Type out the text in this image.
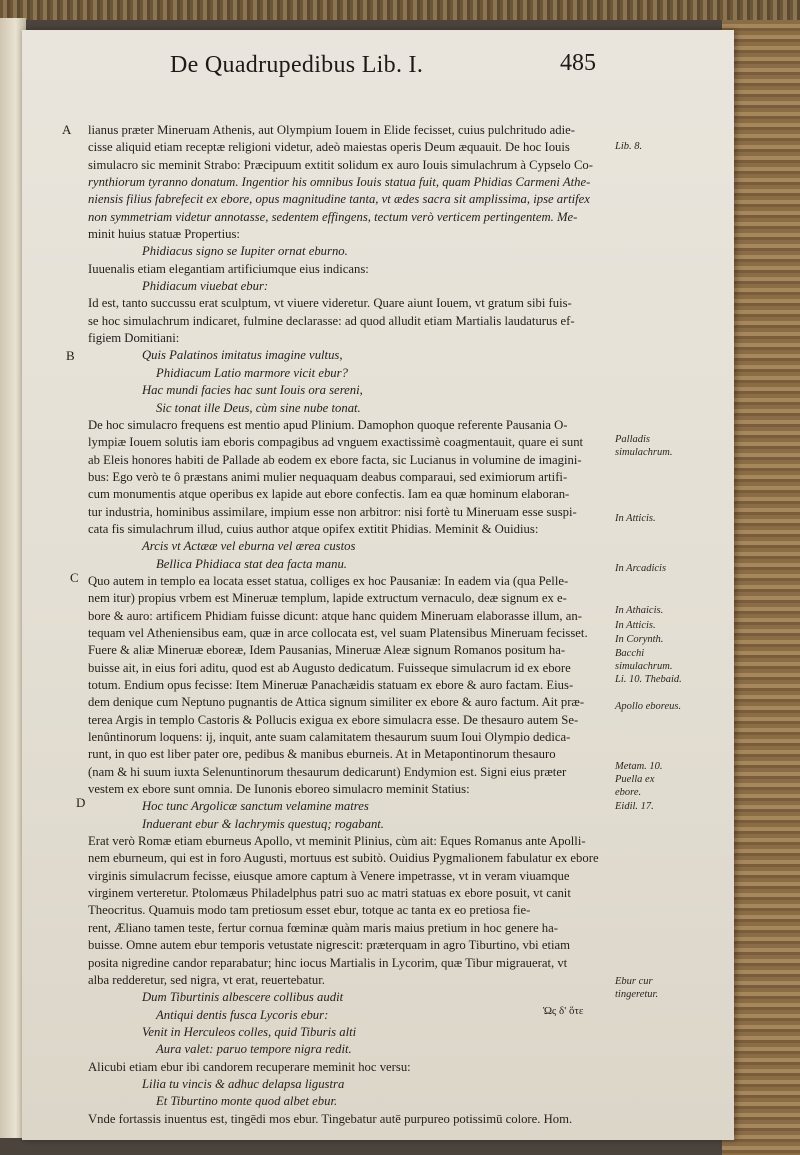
De Quadrupedibus Lib. I.	485
lianus præter Mineruam Athenis, aut Olympium Iouem in Elide fecisset, cuius pulchritudo adie-
cisse aliquid etiam receptæ religioni videtur, adeò maiestas operis Deum æquauit. De hoc Iouis
simulacro sic meminit Strabo: Præcipuum extitit solidum ex auro Iouis simulachrum à Cypselo Co-
rynthiorum tyranno donatum. Ingentior his omnibus Iouis statua fuit, quam Phidias Carmeni Athe-
niensis filius fabrefecit ex ebore, opus magnitudine tanta, vt ædes sacra sit amplissima, ipse artifex
non symmetriam videtur annotasse, sedentem effingens, tectum verò verticem pertingentem. Me-
minit huius statuæ Propertius:
Phidiacus signo se Iupiter ornat eburno.
Iuuenalis etiam elegantiam artificiumque eius indicans:
Phidiacum viuebat ebur:
Id est, tanto succussu erat sculptum, vt viuere videretur. Quare aiunt Iouem, vt gratum sibi fuis-
se hoc simulachrum indicaret, fulmine declarasse: ad quod alludit etiam Martialis laudaturus ef-
figiem Domitiani:
Quis Palatinos imitatus imagine vultus,
Phidiacum Latio marmore vicit ebur?
Hac mundi facies hac sunt Iouis ora sereni,
Sic tonat ille Deus, cùm sine nube tonat.
De hoc simulacro frequens est mentio apud Plinium. Damophon quoque referente Pausania O-
lympiæ Iouem solutis iam eboris compagibus ad vnguem exactissimè coagmentauit, quare ei sunt
ab Eleis honores habiti de Pallade ab eodem ex ebore facta, sic Lucianus in volumine de imagini-
bus: Ego verò te ô præstans animi mulier nequaquam deabus comparaui, sed eximiorum artifi-
cum monumentis atque operibus ex lapide aut ebore confectis. Iam ea quæ hominum elaboran-
tur industria, hominibus assimilare, impium esse non arbitror: nisi fortè tu Mineruam esse suspi-
cata fis simulachrum illud, cuius author atque opifex extitit Phidias. Meminit & Ouidius:
Arcis vt Actææ vel eburna vel ærea custos
Bellica Phidiaca stat dea facta manu.
Quo autem in templo ea locata esset statua, colliges ex hoc Pausaniæ: In eadem via (qua Pelle-
nem itur) propius vrbem est Mineruæ templum, lapide extructum vernaculo, deæ signum ex e-
bore & auro: artificem Phidiam fuisse dicunt: atque hanc quidem Mineruam elaborasse illum, an-
tequam vel Atheniensibus eam, quæ in arce collocata est, vel suam Platensibus Mineruam fecisset.
Fuere & aliæ Mineruæ eboreæ, Idem Pausanias, Mineruæ Aleæ signum Romanos positum ha-
buisse ait, in eius fori aditu, quod est ab Augusto dedicatum. Fuisseque simulacrum id ex ebore
totum. Endium opus fecisse: Item Mineruæ Panachæidis statuam ex ebore & auro factam. Eius-
dem denique cum Neptuno pugnantis de Attica signum similiter ex ebore & auro factum. Ait præ-
terea Argis in templo Castoris & Pollucis exigua ex ebore simulacra esse. De thesauro autem Se-
lenûntinorum loquens: ij, inquit, ante suam calamitatem thesaurum suum Ioui Olympio dedica-
runt, in quo est liber pater ore, pedibus & manibus eburneis. At in Metapontinorum thesauro
(nam & hi suum iuxta Selenuntinorum thesaurum dedicarunt) Endymion est. Signi eius præter
vestem ex ebore sunt omnia. De Iunonis eboreo simulacro meminit Statius:
Hoc tunc Argolicæ sanctum velamine matres
Induerant ebur & lachrymis questuq; rogabant.
Erat verò Romæ etiam eburneus Apollo, vt meminit Plinius, cùm ait: Eques Romanus ante Apolli-
nem eburneum, qui est in foro Augusti, mortuus est subitò. Ouidius Pygmalionem fabulatur ex ebore
virginis simulacrum fecisse, eiusque amore captum à Venere impetrasse, vt in veram viuamque
virginem verteretur. Ptolomæus Philadelphus patri suo ac matri statuas ex ebore posuit, vt canit
Theocritus. Quamuis modo tam pretiosum esset ebur, totque ac tanta ex eo pretiosa fie-
rent, Æliano tamen teste, fertur cornua fœminæ quàm maris maius pretium in hoc genere ha-
buisse. Omne autem ebur temporis vetustate nigrescit: præterquam in agro Tiburtino, vbi etiam
posita nigredine candor reparabatur; hinc iocus Martialis in Lycorim, quæ Tibur migrauerat, vt
alba redderetur, sed nigra, vt erat, reuertebatur.
Dum Tiburtinis albescere collibus audit
Antiqui dentis fusca Lycoris ebur:
Venit in Herculeos colles, quid Tiburis alti
Aura valet: paruo tempore nigra redit.
Alicubi etiam ebur ibi candorem recuperare meminit hoc versu:
Lilia tu vincis & adhuc delapsa ligustra
Et Tiburtino monte quod albet ebur.
Vnde fortassis inuentus est, tingēdi mos ebur. Tingebatur autē purpureo potissimū colore. Hom.
A
B
C
D
Lib. 8.
Palladis simulachrum.
In Atticis.
In Arcadicis
In Athaicis.
In Atticis.
In Corynth.
Bacchi simulachrum.
Li. 10. Thebaid.
Apollo eboreus.
Metam. 10.
Puella ex ebore.
Eidil. 17.
Ebur cur tingeretur.
Ὡς δ' ὅτε
